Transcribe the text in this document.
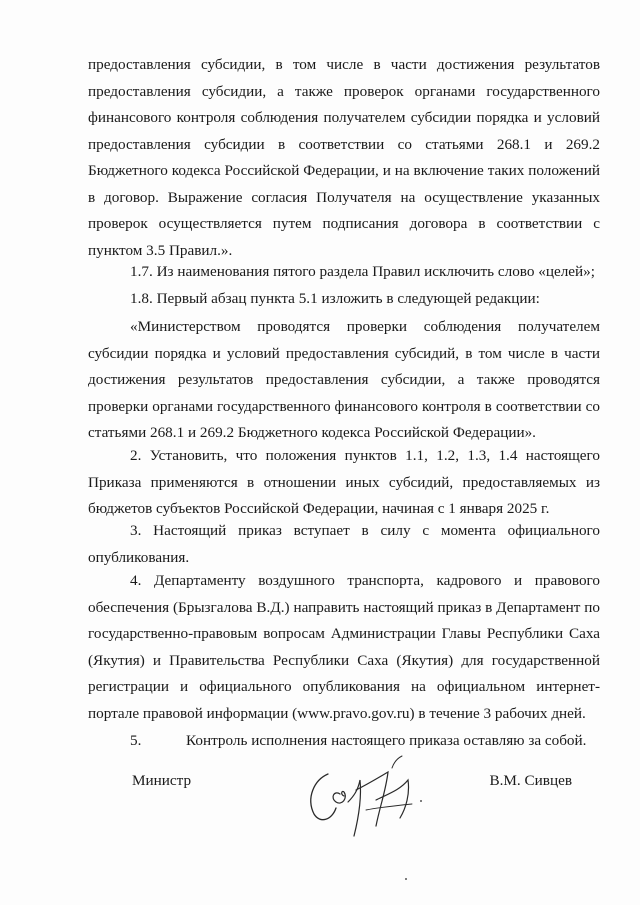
предоставления субсидии, в том числе в части достижения результатов предоставления субсидии, а также проверок органами государственного финансового контроля соблюдения получателем субсидии порядка и условий предоставления субсидии в соответствии со статьями 268.1 и 269.2 Бюджетного кодекса Российской Федерации, и на включение таких положений в договор. Выражение согласия Получателя на осуществление указанных проверок осуществляется путем подписания договора в соответствии с пунктом 3.5 Правил.».
1.7. Из наименования пятого раздела Правил исключить слово «целей»;
1.8. Первый абзац пункта 5.1 изложить в следующей редакции:
«Министерством проводятся проверки соблюдения получателем субсидии порядка и условий предоставления субсидий, в том числе в части достижения результатов предоставления субсидии, а также проводятся проверки органами государственного финансового контроля в соответствии со статьями 268.1 и 269.2 Бюджетного кодекса Российской Федерации».
2. Установить, что положения пунктов 1.1, 1.2, 1.3, 1.4 настоящего Приказа применяются в отношении иных субсидий, предоставляемых из бюджетов субъектов Российской Федерации, начиная с 1 января 2025 г.
3. Настоящий приказ вступает в силу с момента официального опубликования.
4. Департаменту воздушного транспорта, кадрового и правового обеспечения (Брызгалова В.Д.) направить настоящий приказ в Департамент по государственно-правовым вопросам Администрации Главы Республики Саха (Якутия) и Правительства Республики Саха (Якутия) для государственной регистрации и официального опубликования на официальном интернет-портале правовой информации (www.pravo.gov.ru) в течение 3 рабочих дней.
5.	Контроль исполнения настоящего приказа оставляю за собой.
Министр	В.М. Сивцев
